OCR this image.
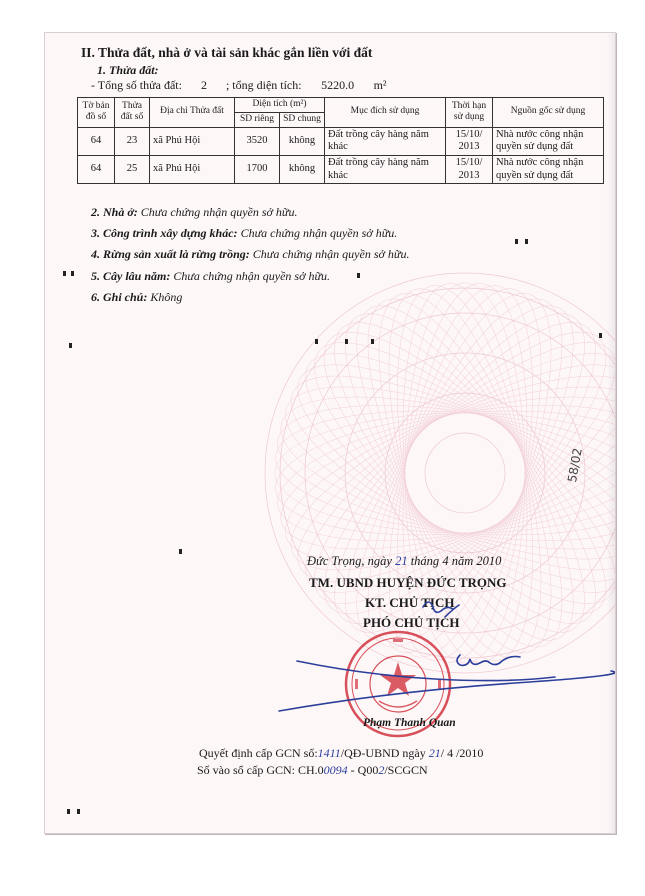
II. Thửa đất, nhà ở và tài sản khác gắn liền với đất
1. Thửa đất:
- Tổng số thửa đất: 2 ; tổng diện tích: 5220.0 m²
Tờ bản đồ số	Thửa đất số	Địa chỉ Thửa đất	Diện tích (m²)		Mục đích sử dụng	Thời hạn sử dụng	Nguồn gốc sử dụng
			SD riêng	SD chung			
64	23	xã Phú Hội	3520	không	Đất trồng cây hàng năm khác	15/10/ 2013	Nhà nước công nhận quyền sử dụng đất
64	25	xã Phú Hội	1700	không	Đất trồng cây hàng năm khác	15/10/ 2013	Nhà nước công nhận quyền sử dụng đất
2. Nhà ở: Chưa chứng nhận quyền sở hữu.
3. Công trình xây dựng khác: Chưa chứng nhận quyền sở hữu.
4. Rừng sản xuất là rừng trồng: Chưa chứng nhận quyền sở hữu.
5. Cây lâu năm: Chưa chứng nhận quyền sở hữu.
6. Ghi chú: Không
58/02
Đức Trọng, ngày 21 tháng 4 năm 2010
TM. UBND HUYỆN ĐỨC TRỌNG
KT. CHỦ TỊCH
PHÓ CHỦ TỊCH
Phạm Thanh Quan
Quyết định cấp GCN số:1411/QĐ-UBND ngày 21/ 4 /2010
Số vào sổ cấp GCN: CH.00094 - Q002/SCGCN
